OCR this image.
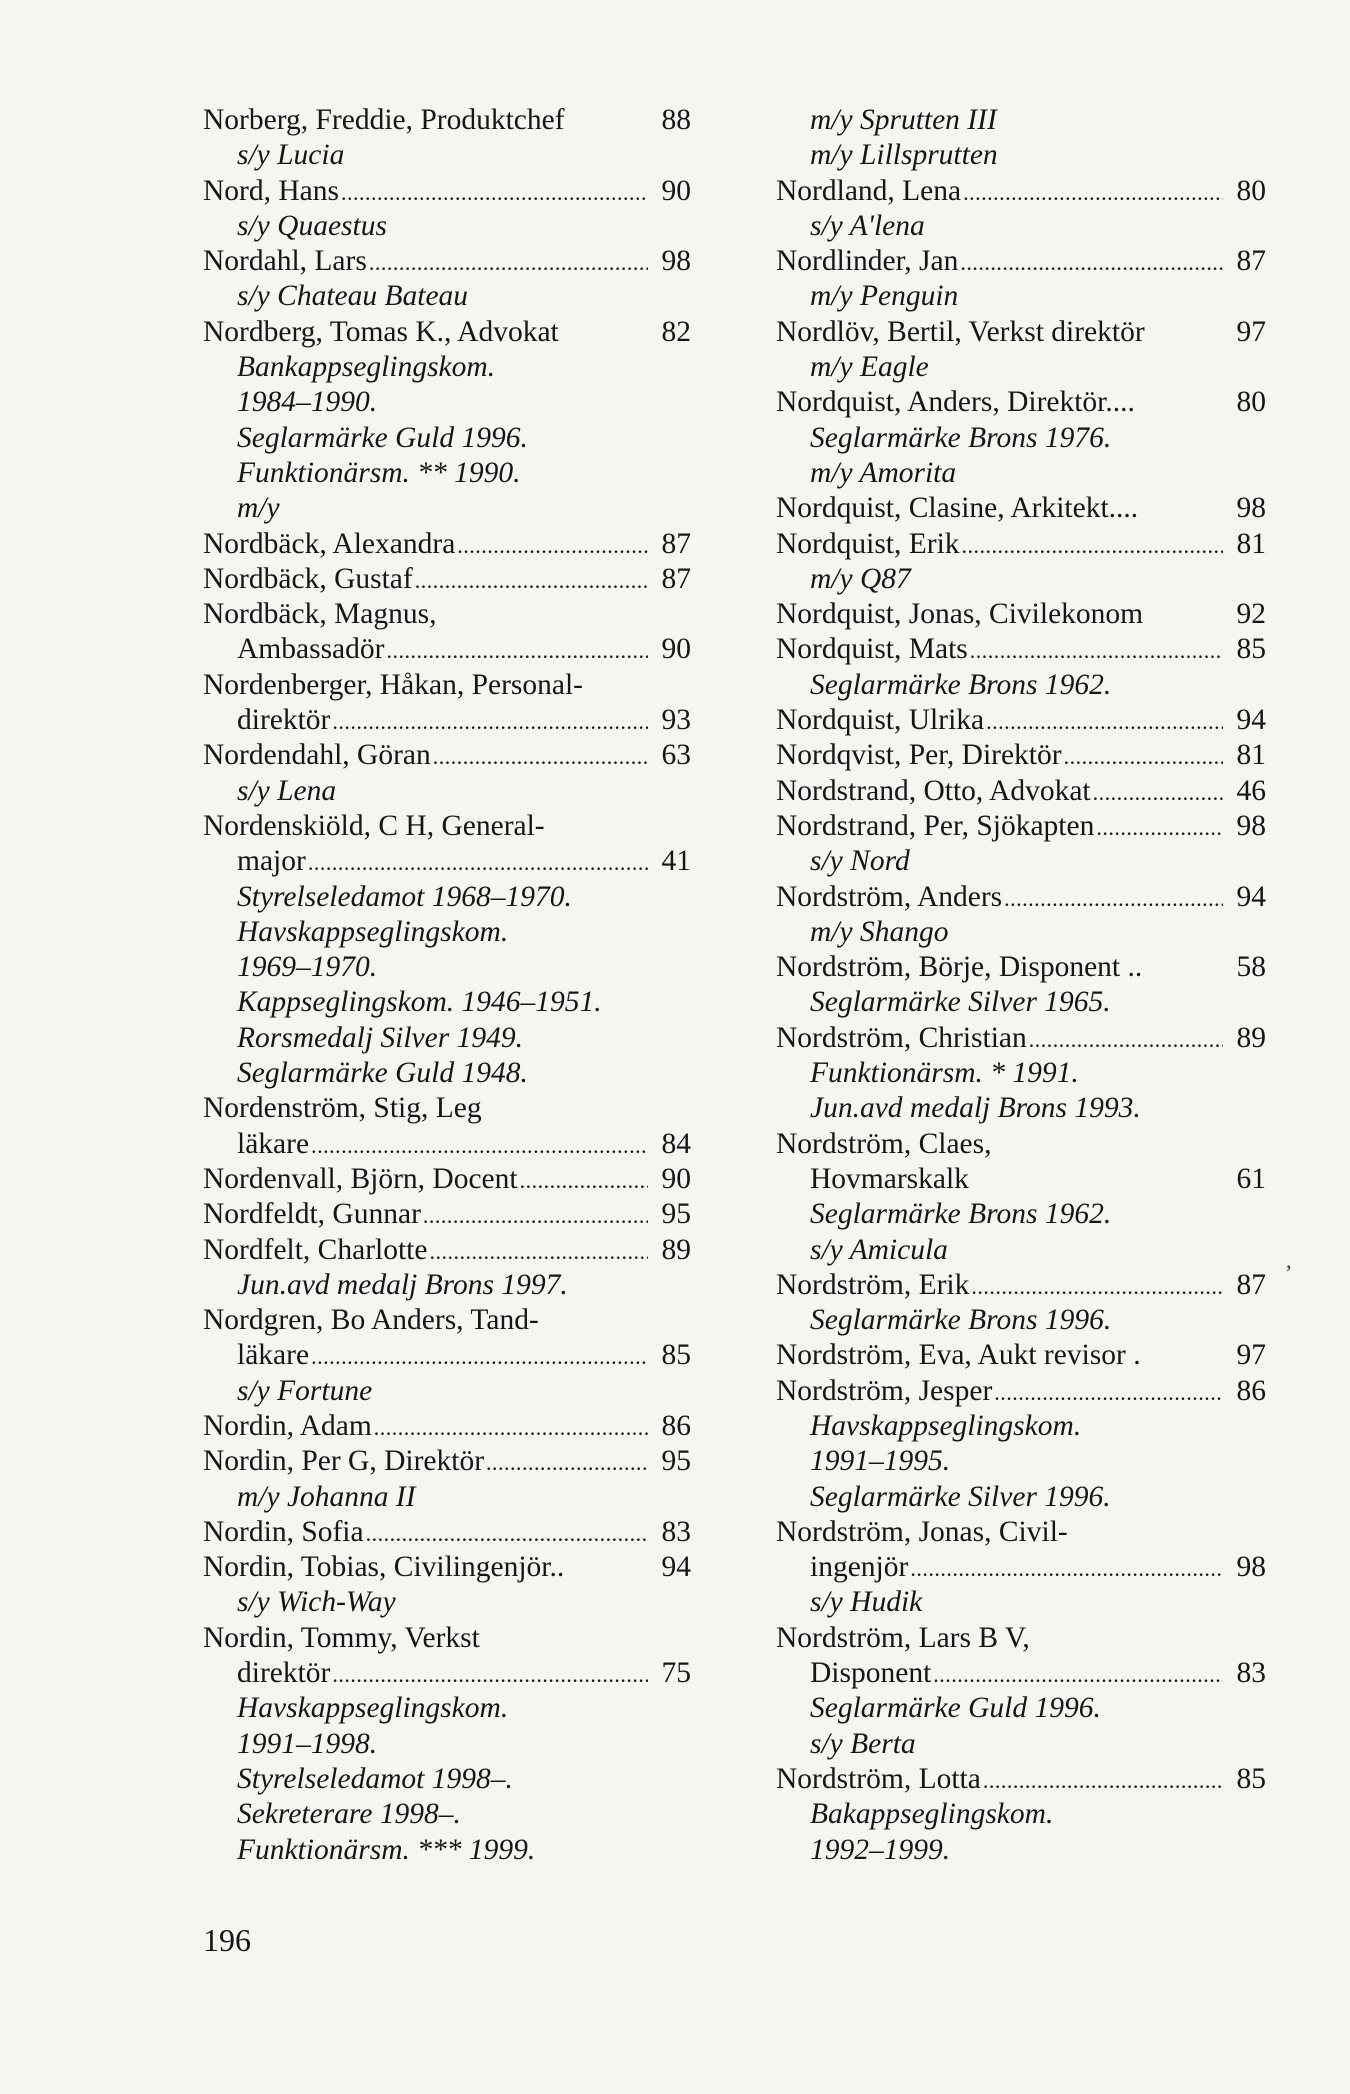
Norberg, Freddie, Produktchef	88
s/y Lucia
Nord, Hans .....	90
s/y Quaestus
Nordahl, Lars .....	98
s/y Chateau Bateau
Nordberg, Tomas K., Advokat	82
Bankappseglingskom.
1984–1990.
Seglarmärke Guld 1996.
Funktionärsm. ** 1990.
m/y
Nordbäck, Alexandra .....	87
Nordbäck, Gustaf .....	87
Nordbäck, Magnus,
Ambassadör .....	90
Nordenberger, Håkan, Personal-
direktör .....	93
Nordendahl, Göran .....	63
s/y Lena
Nordenskiöld, C H, General-
major .....	41
Styrelseledamot 1968–1970.
Havskappseglingskom.
1969–1970.
Kappseglingskom. 1946–1951.
Rorsmedalj Silver 1949.
Seglarmärke Guld 1948.
Nordenström, Stig, Leg
läkare .....	84
Nordenvall, Björn, Docent .....	90
Nordfeldt, Gunnar .....	95
Nordfelt, Charlotte .....	89
Jun.avd medalj Brons 1997.
Nordgren, Bo Anders, Tand-
läkare .....	85
s/y Fortune
Nordin, Adam .....	86
Nordin, Per G, Direktör .....	95
m/y Johanna II
Nordin, Sofia .....	83
Nordin, Tobias, Civilingenjör..	94
s/y Wich-Way
Nordin, Tommy, Verkst
direktör .....	75
Havskappseglingskom.
1991–1998.
Styrelseledamot 1998–.
Sekreterare 1998–.
Funktionärsm. *** 1999.
m/y Sprutten III
m/y Lillsprutten
Nordland, Lena .....	80
s/y A'lena
Nordlinder, Jan .....	87
m/y Penguin
Nordlöv, Bertil, Verkst direktör	97
m/y Eagle
Nordquist, Anders, Direktör....	80
Seglarmärke Brons 1976.
m/y Amorita
Nordquist, Clasine, Arkitekt....	98
Nordquist, Erik .....	81
m/y Q87
Nordquist, Jonas, Civilekonom	92
Nordquist, Mats .....	85
Seglarmärke Brons 1962.
Nordquist, Ulrika .....	94
Nordqvist, Per, Direktör .....	81
Nordstrand, Otto, Advokat .....	46
Nordstrand, Per, Sjökapten .....	98
s/y Nord
Nordström, Anders .....	94
m/y Shango
Nordström, Börje, Disponent ..	58
Seglarmärke Silver 1965.
Nordström, Christian .....	89
Funktionärsm. * 1991.
Jun.avd medalj Brons 1993.
Nordström, Claes,
Hovmarskalk	61
Seglarmärke Brons 1962.
s/y Amicula
Nordström, Erik .....	87
Seglarmärke Brons 1996.
Nordström, Eva, Aukt revisor .	97
Nordström, Jesper .....	86
Havskappseglingskom.
1991–1995.
Seglarmärke Silver 1996.
Nordström, Jonas, Civil-
ingenjör .....	98
s/y Hudik
Nordström, Lars B V,
Disponent .....	83
Seglarmärke Guld 1996.
s/y Berta
Nordström, Lotta .....	85
Bakappseglingskom.
1992–1999.
196
,
